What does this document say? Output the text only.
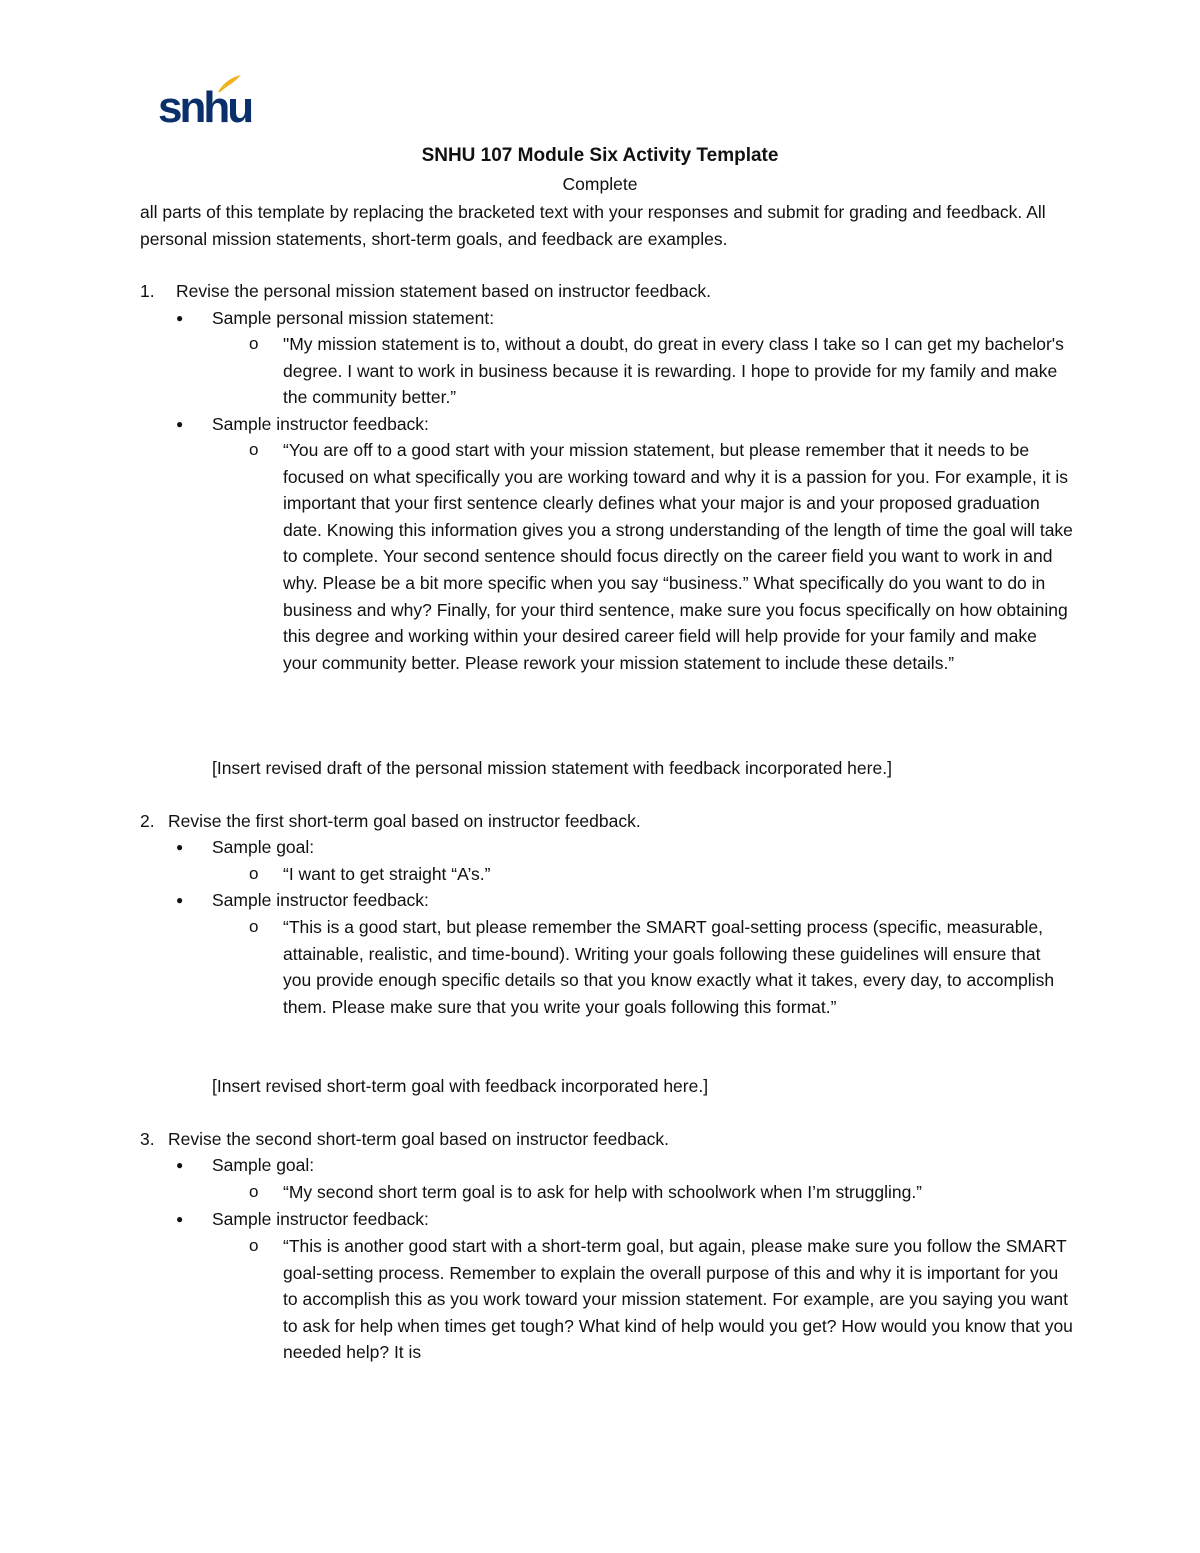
snhu
SNHU 107 Module Six Activity Template
Complete
all parts of this template by replacing the bracketed text with your responses and submit for grading and feedback. All personal mission statements, short-term goals, and feedback are examples.
1. Revise the personal mission statement based on instructor feedback.
● Sample personal mission statement:
o "My mission statement is to, without a doubt, do great in every class I take so I can get my bachelor's degree. I want to work in business because it is rewarding. I hope to provide for my family and make the community better.”
● Sample instructor feedback:
o “You are off to a good start with your mission statement, but please remember that it needs to be focused on what specifically you are working toward and why it is a passion for you. For example, it is important that your first sentence clearly defines what your major is and your proposed graduation date. Knowing this information gives you a strong understanding of the length of time the goal will take to complete. Your second sentence should focus directly on the career field you want to work in and why. Please be a bit more specific when you say “business.” What specifically do you want to do in business and why? Finally, for your third sentence, make sure you focus specifically on how obtaining this degree and working within your desired career field will help provide for your family and make your community better. Please rework your mission statement to include these details.”
[Insert revised draft of the personal mission statement with feedback incorporated here.]
2. Revise the first short-term goal based on instructor feedback.
● Sample goal:
o “I want to get straight “A’s.”
● Sample instructor feedback:
o “This is a good start, but please remember the SMART goal-setting process (specific, measurable, attainable, realistic, and time-bound). Writing your goals following these guidelines will ensure that you provide enough specific details so that you know exactly what it takes, every day, to accomplish them. Please make sure that you write your goals following this format.”
[Insert revised short-term goal with feedback incorporated here.]
3. Revise the second short-term goal based on instructor feedback.
● Sample goal:
o “My second short term goal is to ask for help with schoolwork when I’m struggling.”
● Sample instructor feedback:
o “This is another good start with a short-term goal, but again, please make sure you follow the SMART goal-setting process. Remember to explain the overall purpose of this and why it is important for you to accomplish this as you work toward your mission statement. For example, are you saying you want to ask for help when times get tough? What kind of help would you get? How would you know that you needed help? It is
